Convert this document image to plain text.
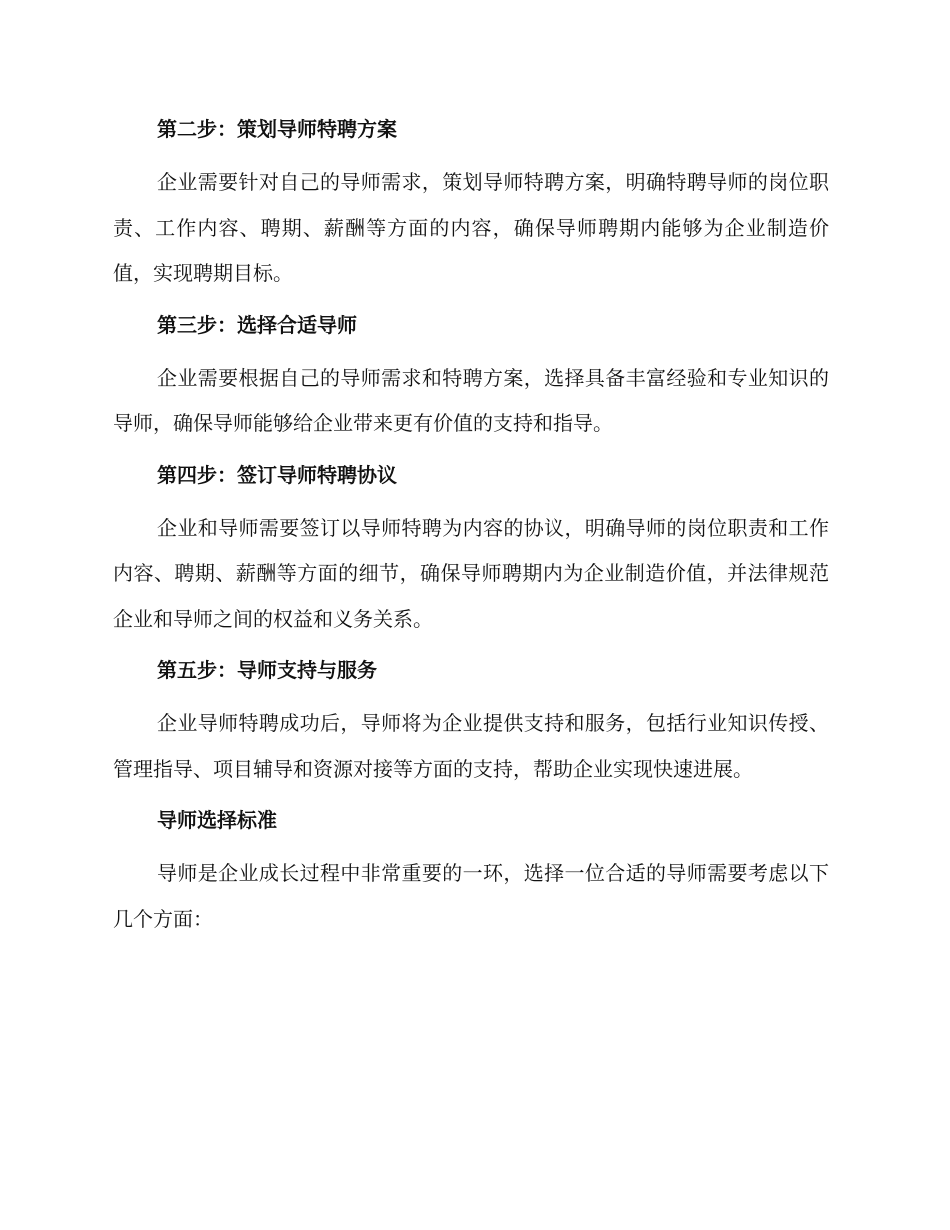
第二步：策划导师特聘方案

企业需要针对自己的导师需求，策划导师特聘方案，明确特聘导师的岗位职责、工作内容、聘期、薪酬等方面的内容，确保导师聘期内能够为企业制造价值，实现聘期目标。

第三步：选择合适导师

企业需要根据自己的导师需求和特聘方案，选择具备丰富经验和专业知识的导师，确保导师能够给企业带来更有价值的支持和指导。

第四步：签订导师特聘协议

企业和导师需要签订以导师特聘为内容的协议，明确导师的岗位职责和工作内容、聘期、薪酬等方面的细节，确保导师聘期内为企业制造价值，并法律规范企业和导师之间的权益和义务关系。

第五步：导师支持与服务

企业导师特聘成功后，导师将为企业提供支持和服务，包括行业知识传授、管理指导、项目辅导和资源对接等方面的支持，帮助企业实现快速进展。

导师选择标准

导师是企业成长过程中非常重要的一环，选择一位合适的导师需要考虑以下几个方面：
